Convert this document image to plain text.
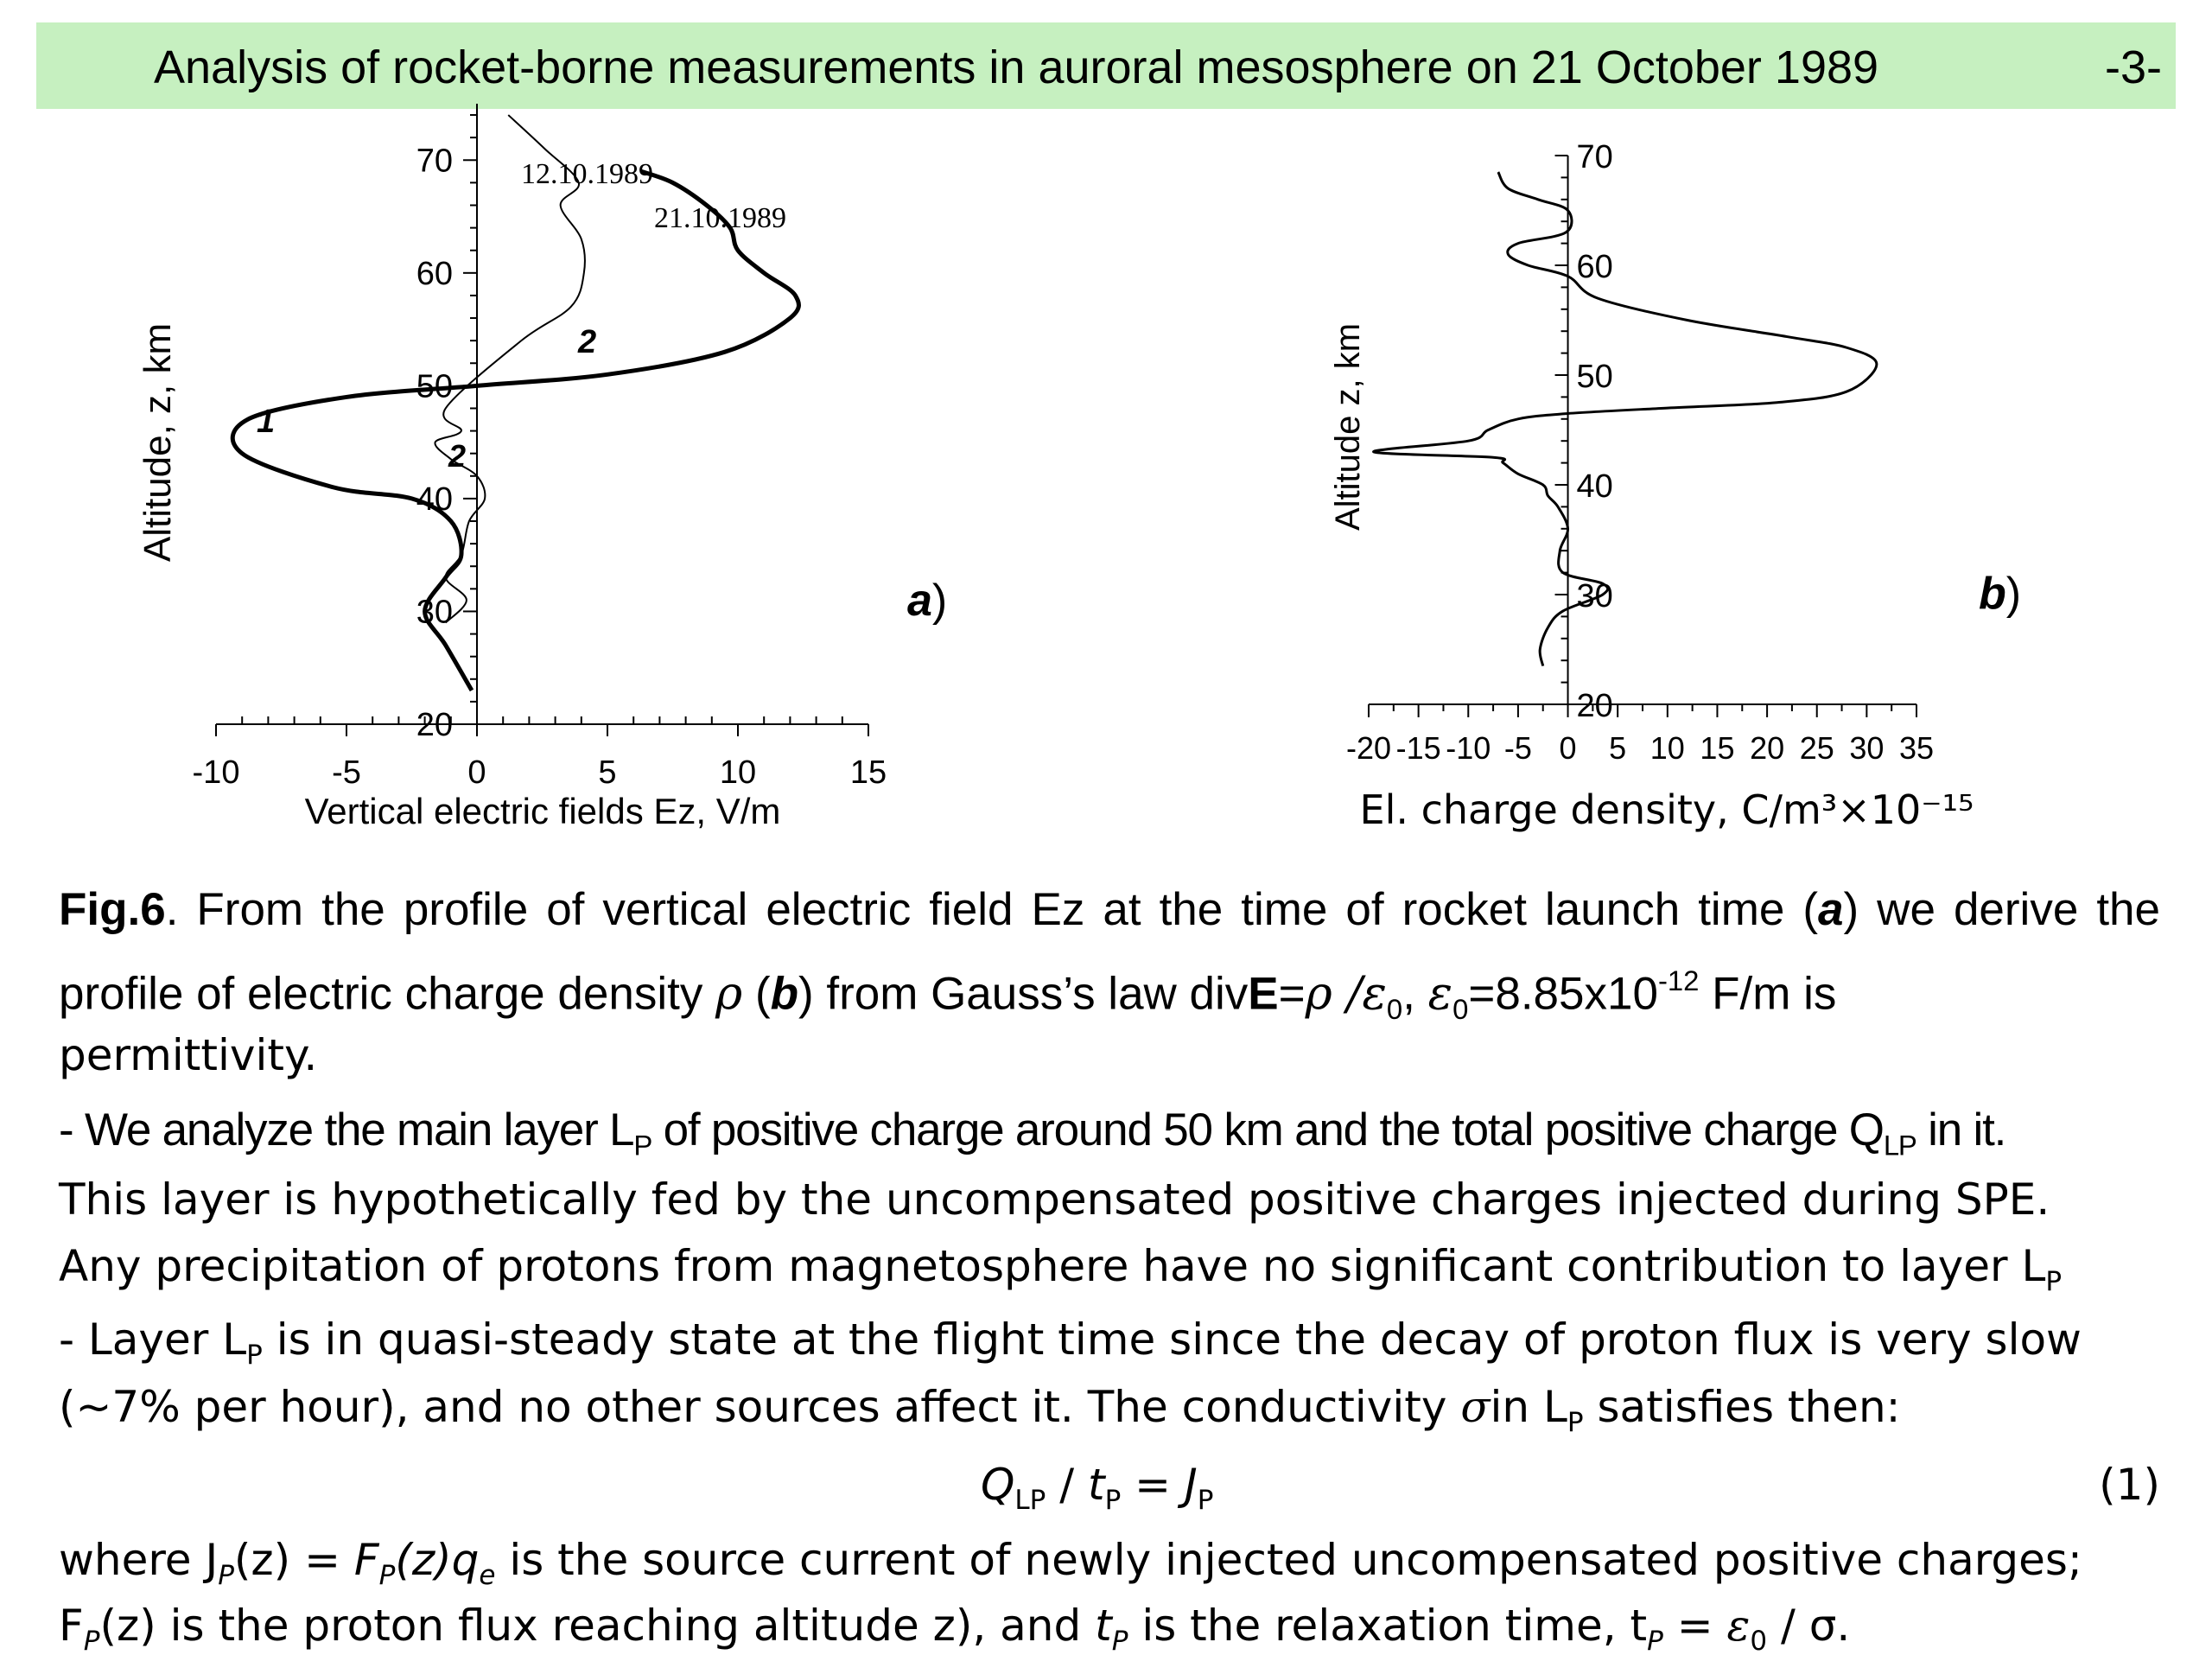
Analysis of rocket-borne measurements in auroral mesosphere on 21 October 1989	-3-
-10	-5	0	5	10	15
20
30
40
50
60
70
Altitude, z, km
Vertical electric fields Ez, V/m
12.10.1989
21.10.1989
1
2
2
a)
-20 -15 -10 -5 0 5 10 15 20 25 30 35
20
30
40
50
60
70
Altitude z, km
El. charge density, C/m³×10⁻¹⁵
b)
Fig.6. From the profile of vertical electric field Ez at the time of rocket launch time (a) we derive the profile of electric charge density ρ (b) from Gauss’s law divE=ρ $/\varepsilon_0$, $\varepsilon_0=8.85x10^{-12}$ F/m is
permittivity.
- We analyze the main layer $L_P$ of positive charge around 50 km and the total positive charge $Q_{LP}$ in it.
This layer is hypothetically fed by the uncompensated positive charges injected during SPE.
Any precipitation of protons from magnetosphere have no significant contribution to layer $L_P$
- Layer $L_P$ is in quasi-steady state at the flight time since the decay of proton flux is very slow
(~7% per hour), and no other sources affect it. The conductivity σin $L_P$ satisfies then:
$Q_{LP} / t_P = J_P$	(1)
where $J_P(z) = F_P(z)q_e$ is the source current of newly injected uncompensated positive charges;
$F_P(z)$ is the proton flux reaching altitude z), and $t_P$ is the relaxation time, $t_P = \varepsilon_0 / \sigma$.
